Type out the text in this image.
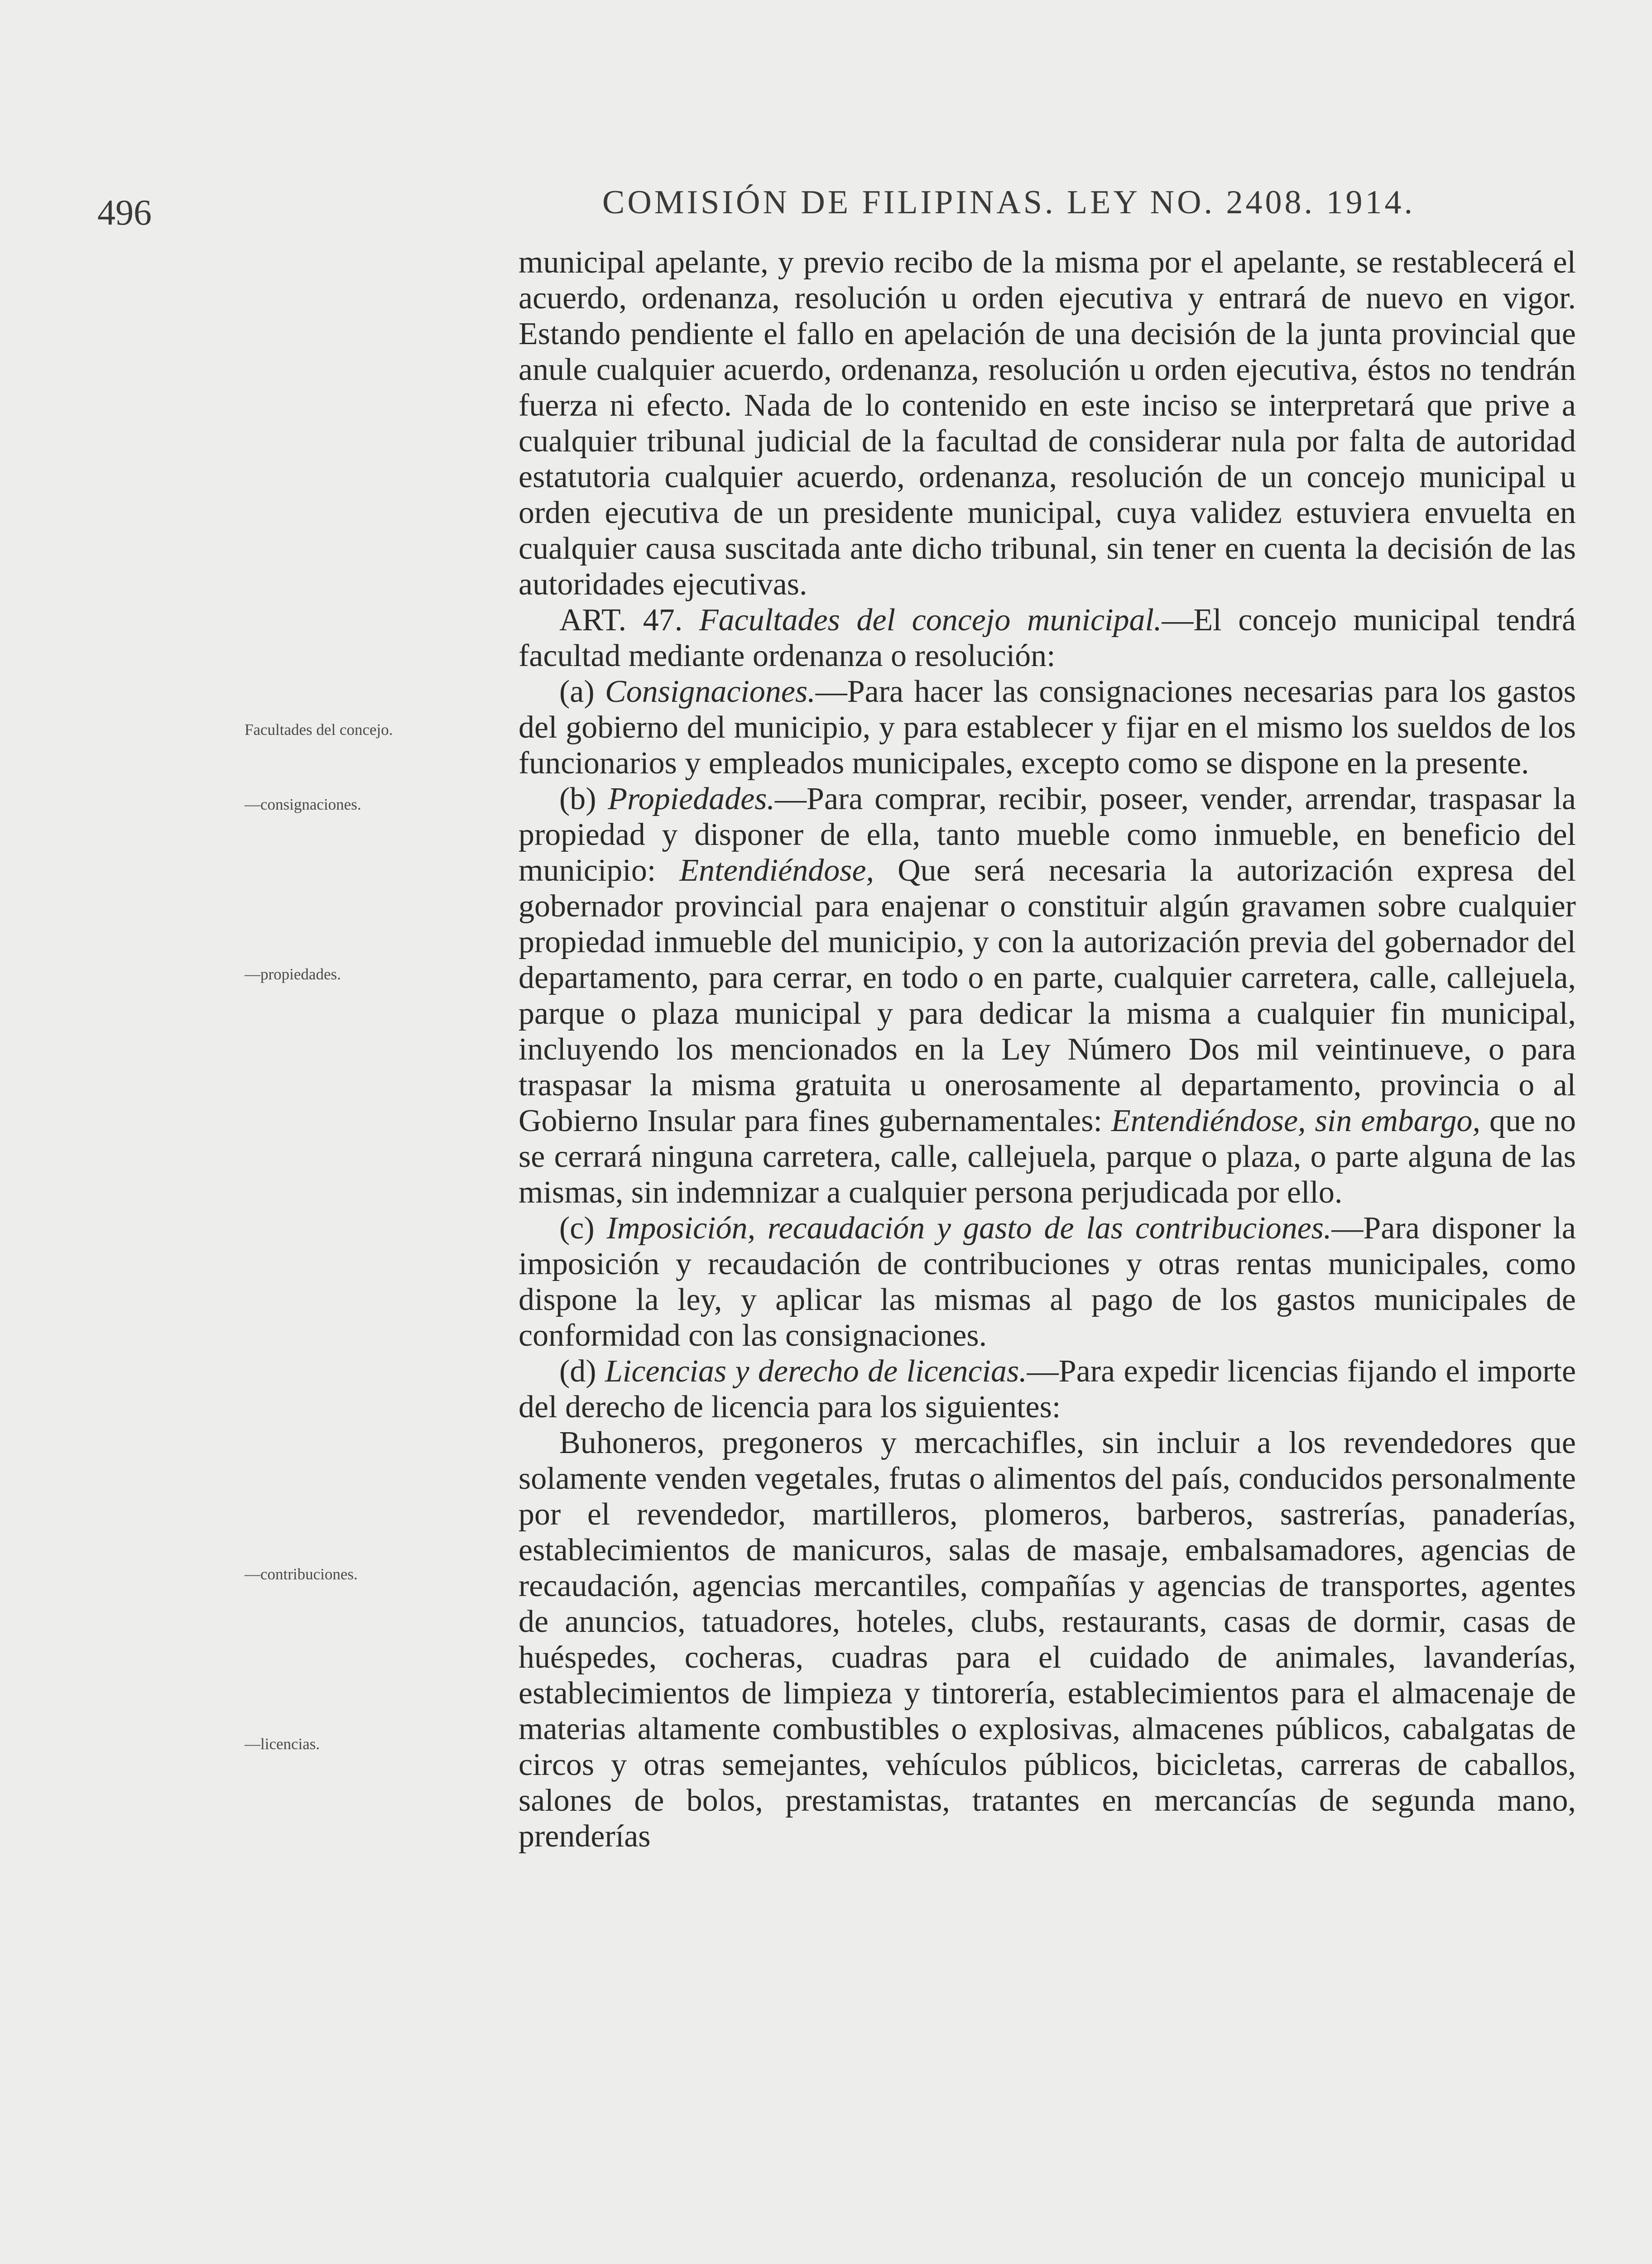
496	COMISIÓN DE FILIPINAS. LEY NO. 2408. 1914.
Facultades del concejo.
—consignaciones.
—propiedades.
—contribuciones.
—licencias.

municipal apelante, y previo recibo de la misma por el apelante, se restablecerá el acuerdo, ordenanza, resolución u orden ejecutiva y entrará de nuevo en vigor. Estando pendiente el fallo en apelación de una decisión de la junta provincial que anule cualquier acuerdo, ordenanza, resolución u orden ejecutiva, éstos no tendrán fuerza ni efecto. Nada de lo contenido en este inciso se interpretará que prive a cualquier tribunal judicial de la facultad de considerar nula por falta de autoridad estatutoria cualquier acuerdo, ordenanza, resolución de un concejo municipal u orden ejecutiva de un presidente municipal, cuya validez estuviera envuelta en cualquier causa suscitada ante dicho tribunal, sin tener en cuenta la decisión de las autoridades ejecutivas.

ART. 47. Facultades del concejo municipal.—El concejo municipal tendrá facultad mediante ordenanza o resolución:

(a) Consignaciones.—Para hacer las consignaciones necesarias para los gastos del gobierno del municipio, y para establecer y fijar en el mismo los sueldos de los funcionarios y empleados municipales, excepto como se dispone en la presente.

(b) Propiedades.—Para comprar, recibir, poseer, vender, arrendar, traspasar la propiedad y disponer de ella, tanto mueble como inmueble, en beneficio del municipio: Entendiéndose, Que será necesaria la autorización expresa del gobernador provincial para enajenar o constituir algún gravamen sobre cualquier propiedad inmueble del municipio, y con la autorización previa del gobernador del departamento, para cerrar, en todo o en parte, cualquier carretera, calle, callejuela, parque o plaza municipal y para dedicar la misma a cualquier fin municipal, incluyendo los mencionados en la Ley Número Dos mil veintinueve, o para traspasar la misma gratuita u onerosamente al departamento, provincia o al Gobierno Insular para fines gubernamentales: Entendiéndose, sin embargo, que no se cerrará ninguna carretera, calle, callejuela, parque o plaza, o parte alguna de las mismas, sin indemnizar a cualquier persona perjudicada por ello.

(c) Imposición, recaudación y gasto de las contribuciones.—Para disponer la imposición y recaudación de contribuciones y otras rentas municipales, como dispone la ley, y aplicar las mismas al pago de los gastos municipales de conformidad con las consignaciones.

(d) Licencias y derecho de licencias.—Para expedir licencias fijando el importe del derecho de licencia para los siguientes:

Buhoneros, pregoneros y mercachifles, sin incluir a los revendedores que solamente venden vegetales, frutas o alimentos del país, conducidos personalmente por el revendedor, martilleros, plomeros, barberos, sastrerías, panaderías, establecimientos de manicuros, salas de masaje, embalsamadores, agencias de recaudación, agencias mercantiles, compañías y agencias de transportes, agentes de anuncios, tatuadores, hoteles, clubs, restaurants, casas de dormir, casas de huéspedes, cocheras, cuadras para el cuidado de animales, lavanderías, establecimientos de limpieza y tintorería, establecimientos para el almacenaje de materias altamente combustibles o explosivas, almacenes públicos, cabalgatas de circos y otras semejantes, vehículos públicos, bicicletas, carreras de caballos, salones de bolos, prestamistas, tratantes en mercancías de segunda mano, prenderías
